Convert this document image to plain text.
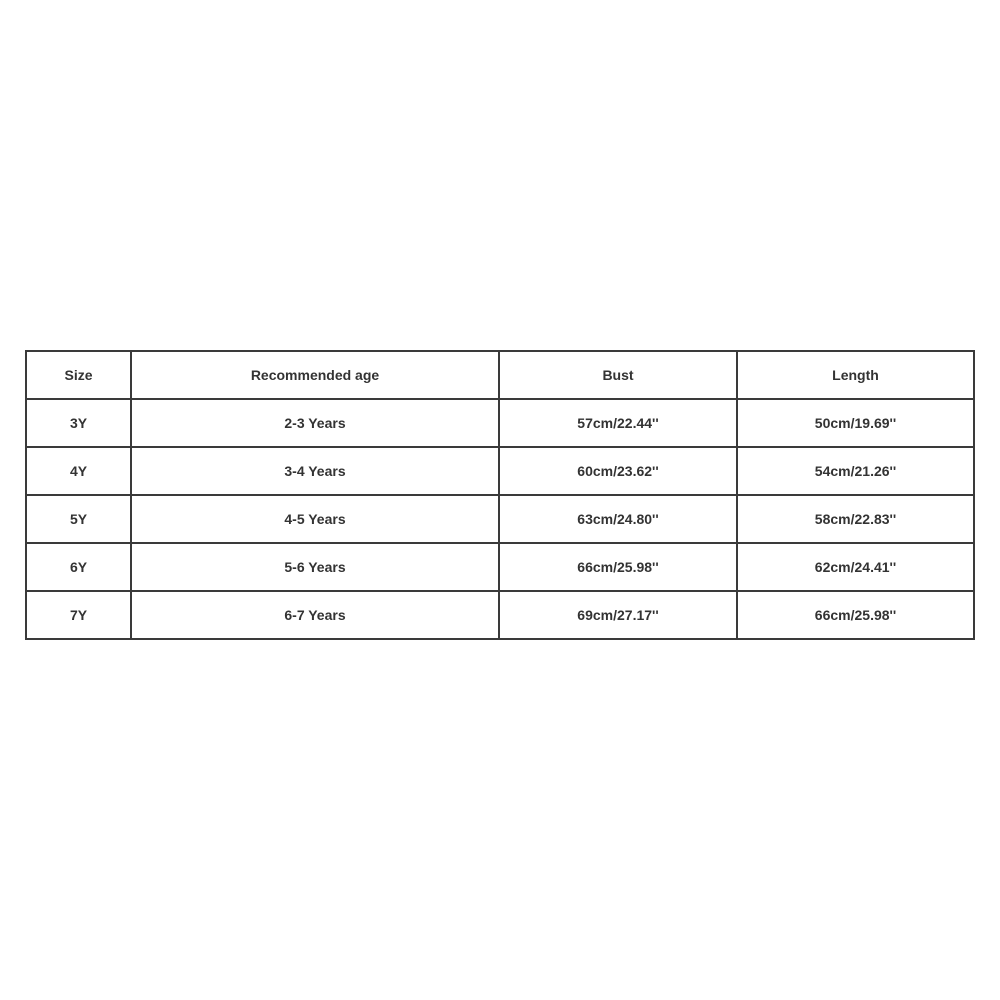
Size	Recommended age	Bust	Length
3Y	2-3 Years	57cm/22.44''	50cm/19.69''
4Y	3-4 Years	60cm/23.62''	54cm/21.26''
5Y	4-5 Years	63cm/24.80''	58cm/22.83''
6Y	5-6 Years	66cm/25.98''	62cm/24.41''
7Y	6-7 Years	69cm/27.17''	66cm/25.98''
